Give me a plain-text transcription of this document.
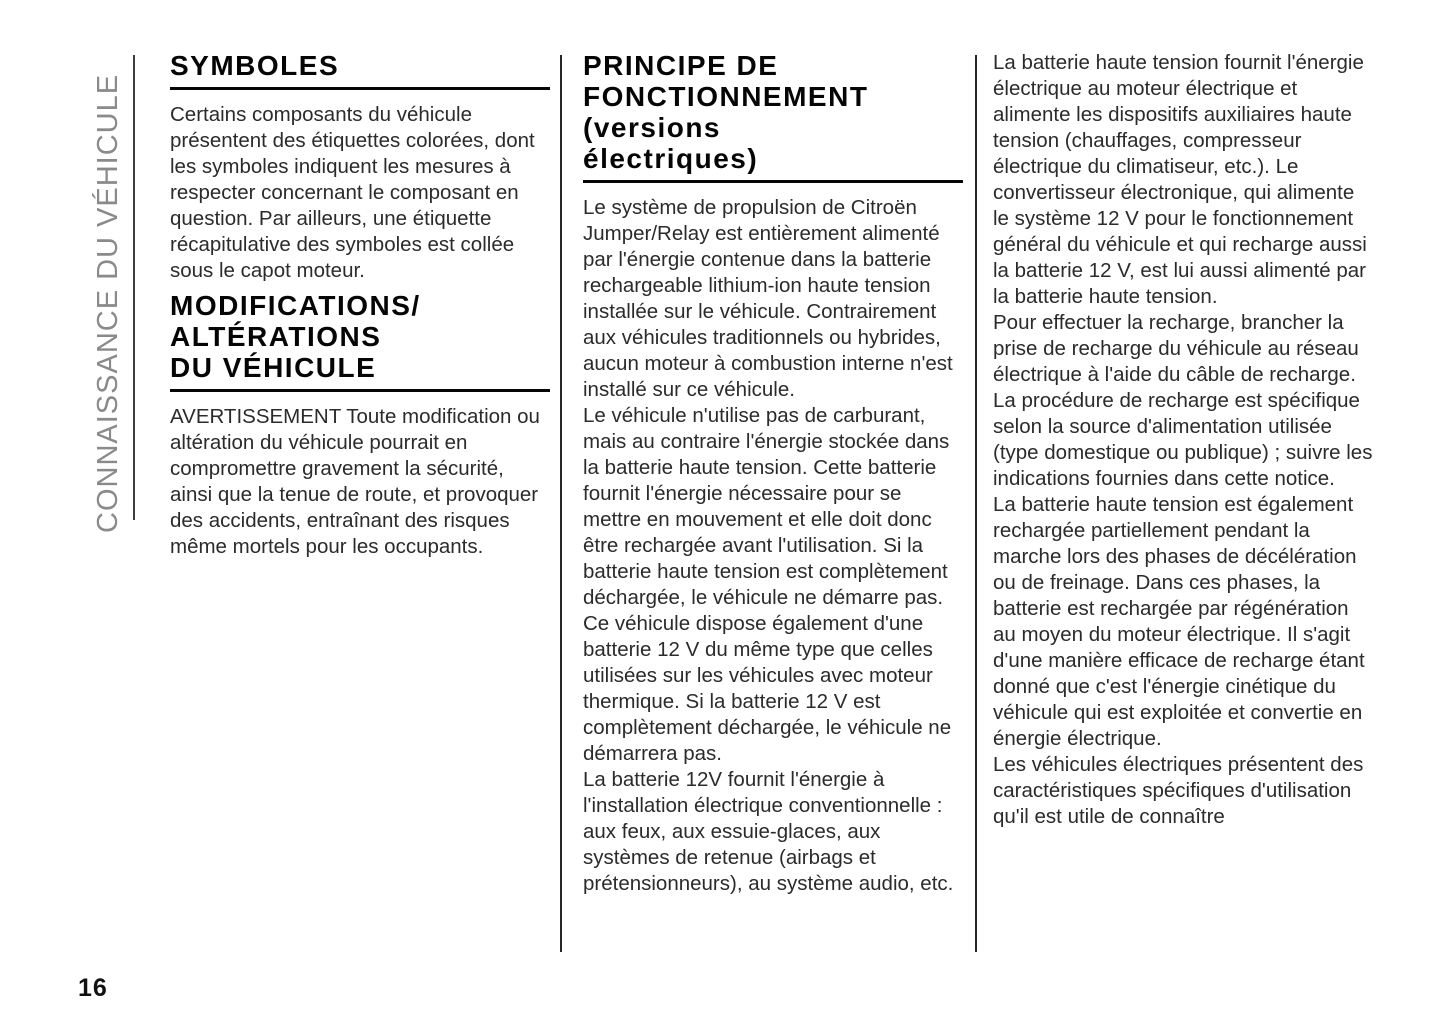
CONNAISSANCE DU VÉHICULE
SYMBOLES

Certains composants du véhicule présentent des étiquettes colorées, dont les symboles indiquent les mesures à respecter concernant le composant en question. Par ailleurs, une étiquette récapitulative des symboles est collée sous le capot moteur.

MODIFICATIONS/
ALTÉRATIONS
DU VÉHICULE

AVERTISSEMENT Toute modification ou altération du véhicule pourrait en compromettre gravement la sécurité, ainsi que la tenue de route, et provoquer des accidents, entraînant des risques même mortels pour les occupants.

PRINCIPE DE
FONCTIONNEMENT
(versions
électriques)

Le système de propulsion de Citroën Jumper/Relay est entièrement alimenté par l'énergie contenue dans la batterie rechargeable lithium-ion haute tension installée sur le véhicule. Contrairement aux véhicules traditionnels ou hybrides, aucun moteur à combustion interne n'est installé sur ce véhicule.

Le véhicule n'utilise pas de carburant, mais au contraire l'énergie stockée dans la batterie haute tension. Cette batterie fournit l'énergie nécessaire pour se mettre en mouvement et elle doit donc être rechargée avant l'utilisation. Si la batterie haute tension est complètement déchargée, le véhicule ne démarre pas.

Ce véhicule dispose également d'une batterie 12 V du même type que celles utilisées sur les véhicules avec moteur thermique. Si la batterie 12 V est complètement déchargée, le véhicule ne démarrera pas.

La batterie 12V fournit l'énergie à l'installation électrique conventionnelle : aux feux, aux essuie-glaces, aux systèmes de retenue (airbags et prétensionneurs), au système audio, etc.

La batterie haute tension fournit l'énergie électrique au moteur électrique et alimente les dispositifs auxiliaires haute tension (chauffages, compresseur électrique du climatiseur, etc.). Le convertisseur électronique, qui alimente le système 12 V pour le fonctionnement général du véhicule et qui recharge aussi la batterie 12 V, est lui aussi alimenté par la batterie haute tension.

Pour effectuer la recharge, brancher la prise de recharge du véhicule au réseau électrique à l'aide du câble de recharge. La procédure de recharge est spécifique selon la source d'alimentation utilisée (type domestique ou publique) ; suivre les indications fournies dans cette notice.

La batterie haute tension est également rechargée partiellement pendant la marche lors des phases de décélération ou de freinage. Dans ces phases, la batterie est rechargée par régénération au moyen du moteur électrique. Il s'agit d'une manière efficace de recharge étant donné que c'est l'énergie cinétique du véhicule qui est exploitée et convertie en énergie électrique.

Les véhicules électriques présentent des caractéristiques spécifiques d'utilisation qu'il est utile de connaître

16
